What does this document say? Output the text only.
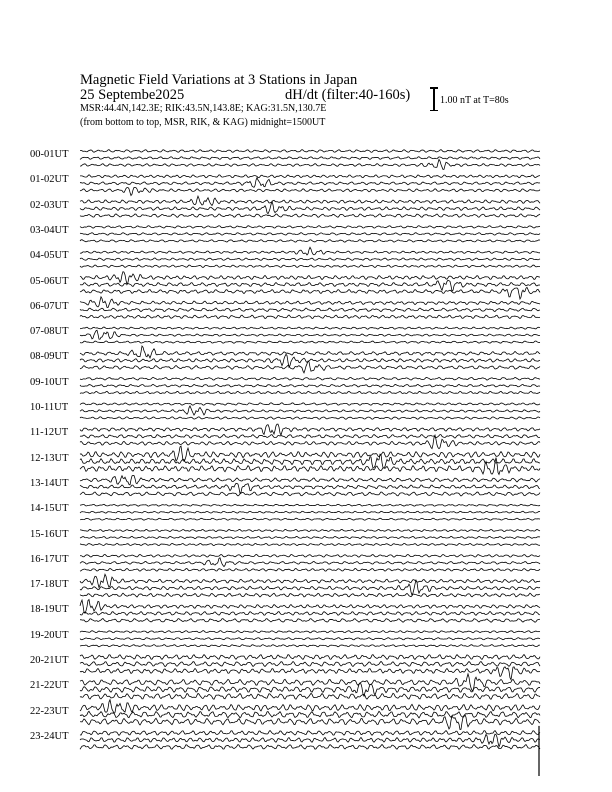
Magnetic Field Variations at 3 Stations in Japan
25 Septembe2025	dH/dt (filter:40-160s)
MSR:44.4N,142.3E; RIK:43.5N,143.8E; KAG:31.5N,130.7E
(from bottom to top, MSR, RIK, & KAG) midnight=1500UT
1.00 nT at T=80s
00-01UT
01-02UT
02-03UT
03-04UT
04-05UT
05-06UT
06-07UT
07-08UT
08-09UT
09-10UT
10-11UT
11-12UT
12-13UT
13-14UT
14-15UT
15-16UT
16-17UT
17-18UT
18-19UT
19-20UT
20-21UT
21-22UT
22-23UT
23-24UT
